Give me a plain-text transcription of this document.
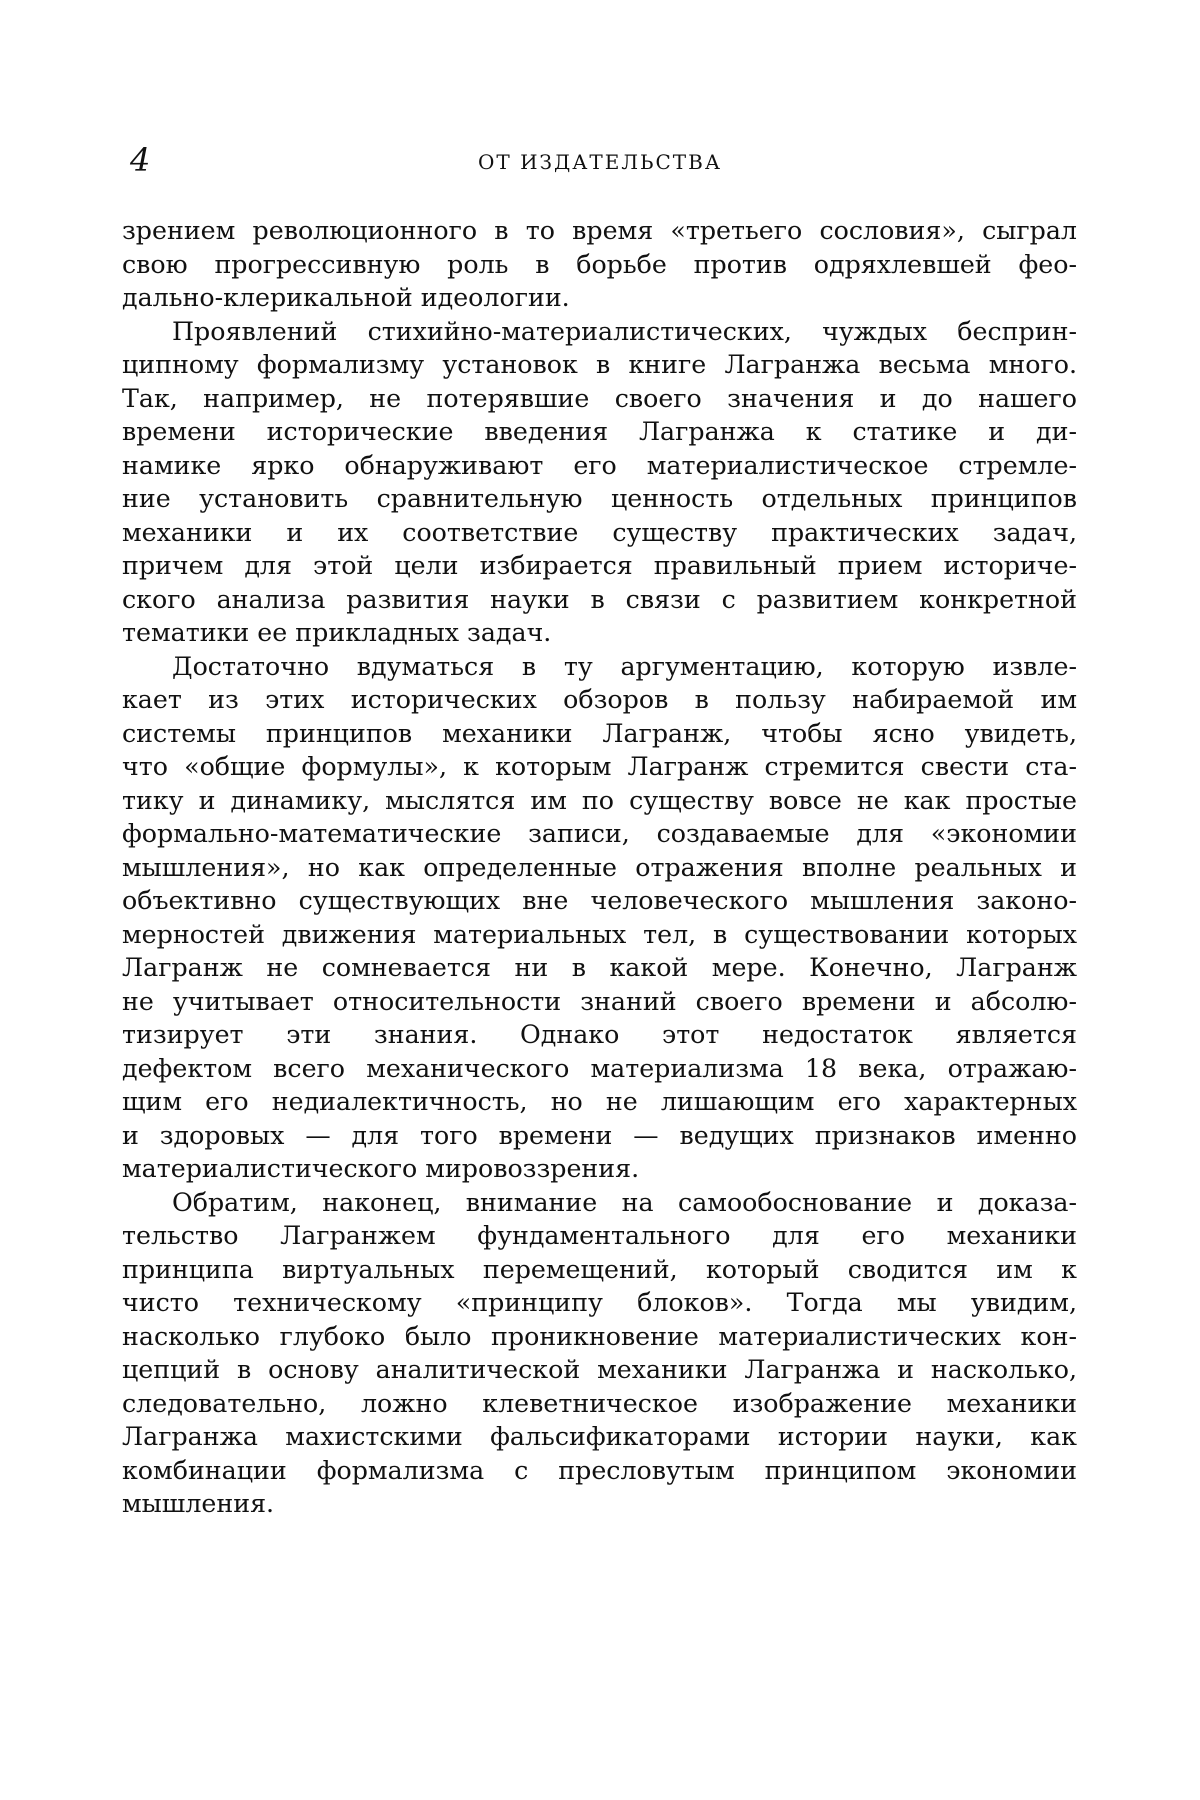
4	ОТ ИЗДАТЕЛЬСТВА

зрением революционного в то время «третьего сословия», сыграл
свою прогрессивную роль в борьбе против одряхлевшей фео-
дально-клерикальной идеологии.

Проявлений стихийно-материалистических, чуждых бесприн-
ципному формализму установок в книге Лагранжа весьма много.
Так, например, не потерявшие своего значения и до нашего
времени исторические введения Лагранжа к статике и ди-
намике ярко обнаруживают его материалистическое стремле-
ние установить сравнительную ценность отдельных принципов
механики и их соответствие существу практических задач,
причем для этой цели избирается правильный прием историче-
ского анализа развития науки в связи с развитием конкретной
тематики ее прикладных задач.

Достаточно вдуматься в ту аргументацию, которую извле-
кает из этих исторических обзоров в пользу набираемой им
системы принципов механики Лагранж, чтобы ясно увидеть,
что «общие формулы», к которым Лагранж стремится свести ста-
тику и динамику, мыслятся им по существу вовсе не как простые
формально-математические записи, создаваемые для «экономии
мышления», но как определенные отражения вполне реальных и
объективно существующих вне человеческого мышления законо-
мерностей движения материальных тел, в существовании которых
Лагранж не сомневается ни в какой мере. Конечно, Лагранж
не учитывает относительности знаний своего времени и абсолю-
тизирует эти знания. Однако этот недостаток является
дефектом всего механического материализма 18 века, отражаю-
щим его недиалектичность, но не лишающим его характерных
и здоровых — для того времени — ведущих признаков именно
материалистического мировоззрения.

Обратим, наконец, внимание на самообоснование и доказа-
тельство Лагранжем фундаментального для его механики
принципа виртуальных перемещений, который сводится им к
чисто техническому «принципу блоков». Тогда мы увидим,
насколько глубоко было проникновение материалистических кон-
цепций в основу аналитической механики Лагранжа и насколько,
следовательно, ложно клеветническое изображение механики
Лагранжа махистскими фальсификаторами истории науки, как
комбинации формализма с пресловутым принципом экономии
мышления.
